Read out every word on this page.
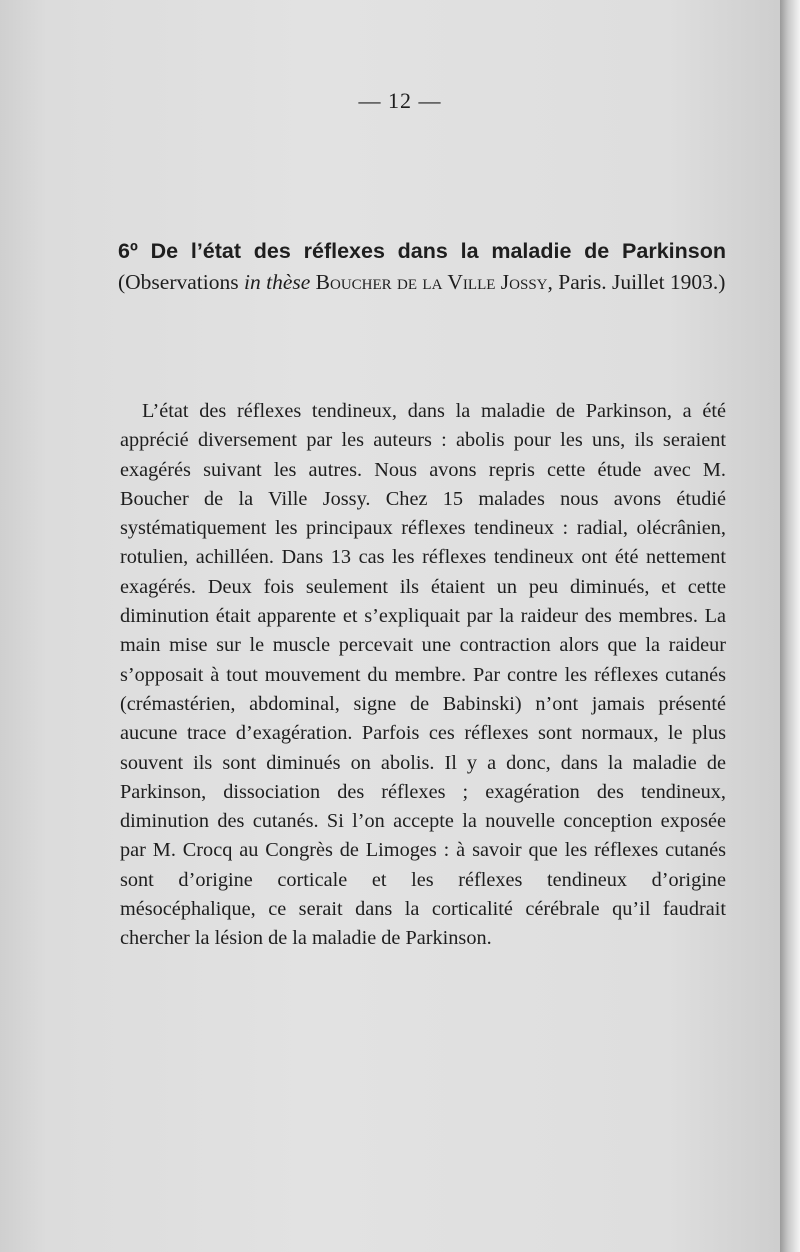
— 12 —
6º De l’état des réflexes dans la maladie de Parkinson (Observations in thèse Boucher de la Ville Jossy, Paris. Juillet 1903.)

L’état des réflexes tendineux, dans la maladie de Parkinson, a été apprécié diversement par les auteurs : abolis pour les uns, ils seraient exagérés suivant les autres. Nous avons repris cette étude avec M. Boucher de la Ville Jossy. Chez 15 malades nous avons étudié systématiquement les principaux réflexes tendineux : radial, olécrânien, rotulien, achilléen. Dans 13 cas les réflexes tendineux ont été nettement exagérés. Deux fois seulement ils étaient un peu diminués, et cette diminution était apparente et s’expliquait par la raideur des membres. La main mise sur le muscle percevait une contraction alors que la raideur s’opposait à tout mouvement du membre. Par contre les réflexes cutanés (crémastérien, abdominal, signe de Babinski) n’ont jamais présenté aucune trace d’exagération. Parfois ces réflexes sont normaux, le plus souvent ils sont diminués on abolis. Il y a donc, dans la maladie de Parkinson, dissociation des réflexes ; exagération des tendineux, diminution des cutanés. Si l’on accepte la nouvelle conception exposée par M. Crocq au Congrès de Limoges : à savoir que les réflexes cutanés sont d’origine corticale et les réflexes tendineux d’origine mésocéphalique, ce serait dans la corticalité cérébrale qu’il faudrait chercher la lésion de la maladie de Parkinson.
